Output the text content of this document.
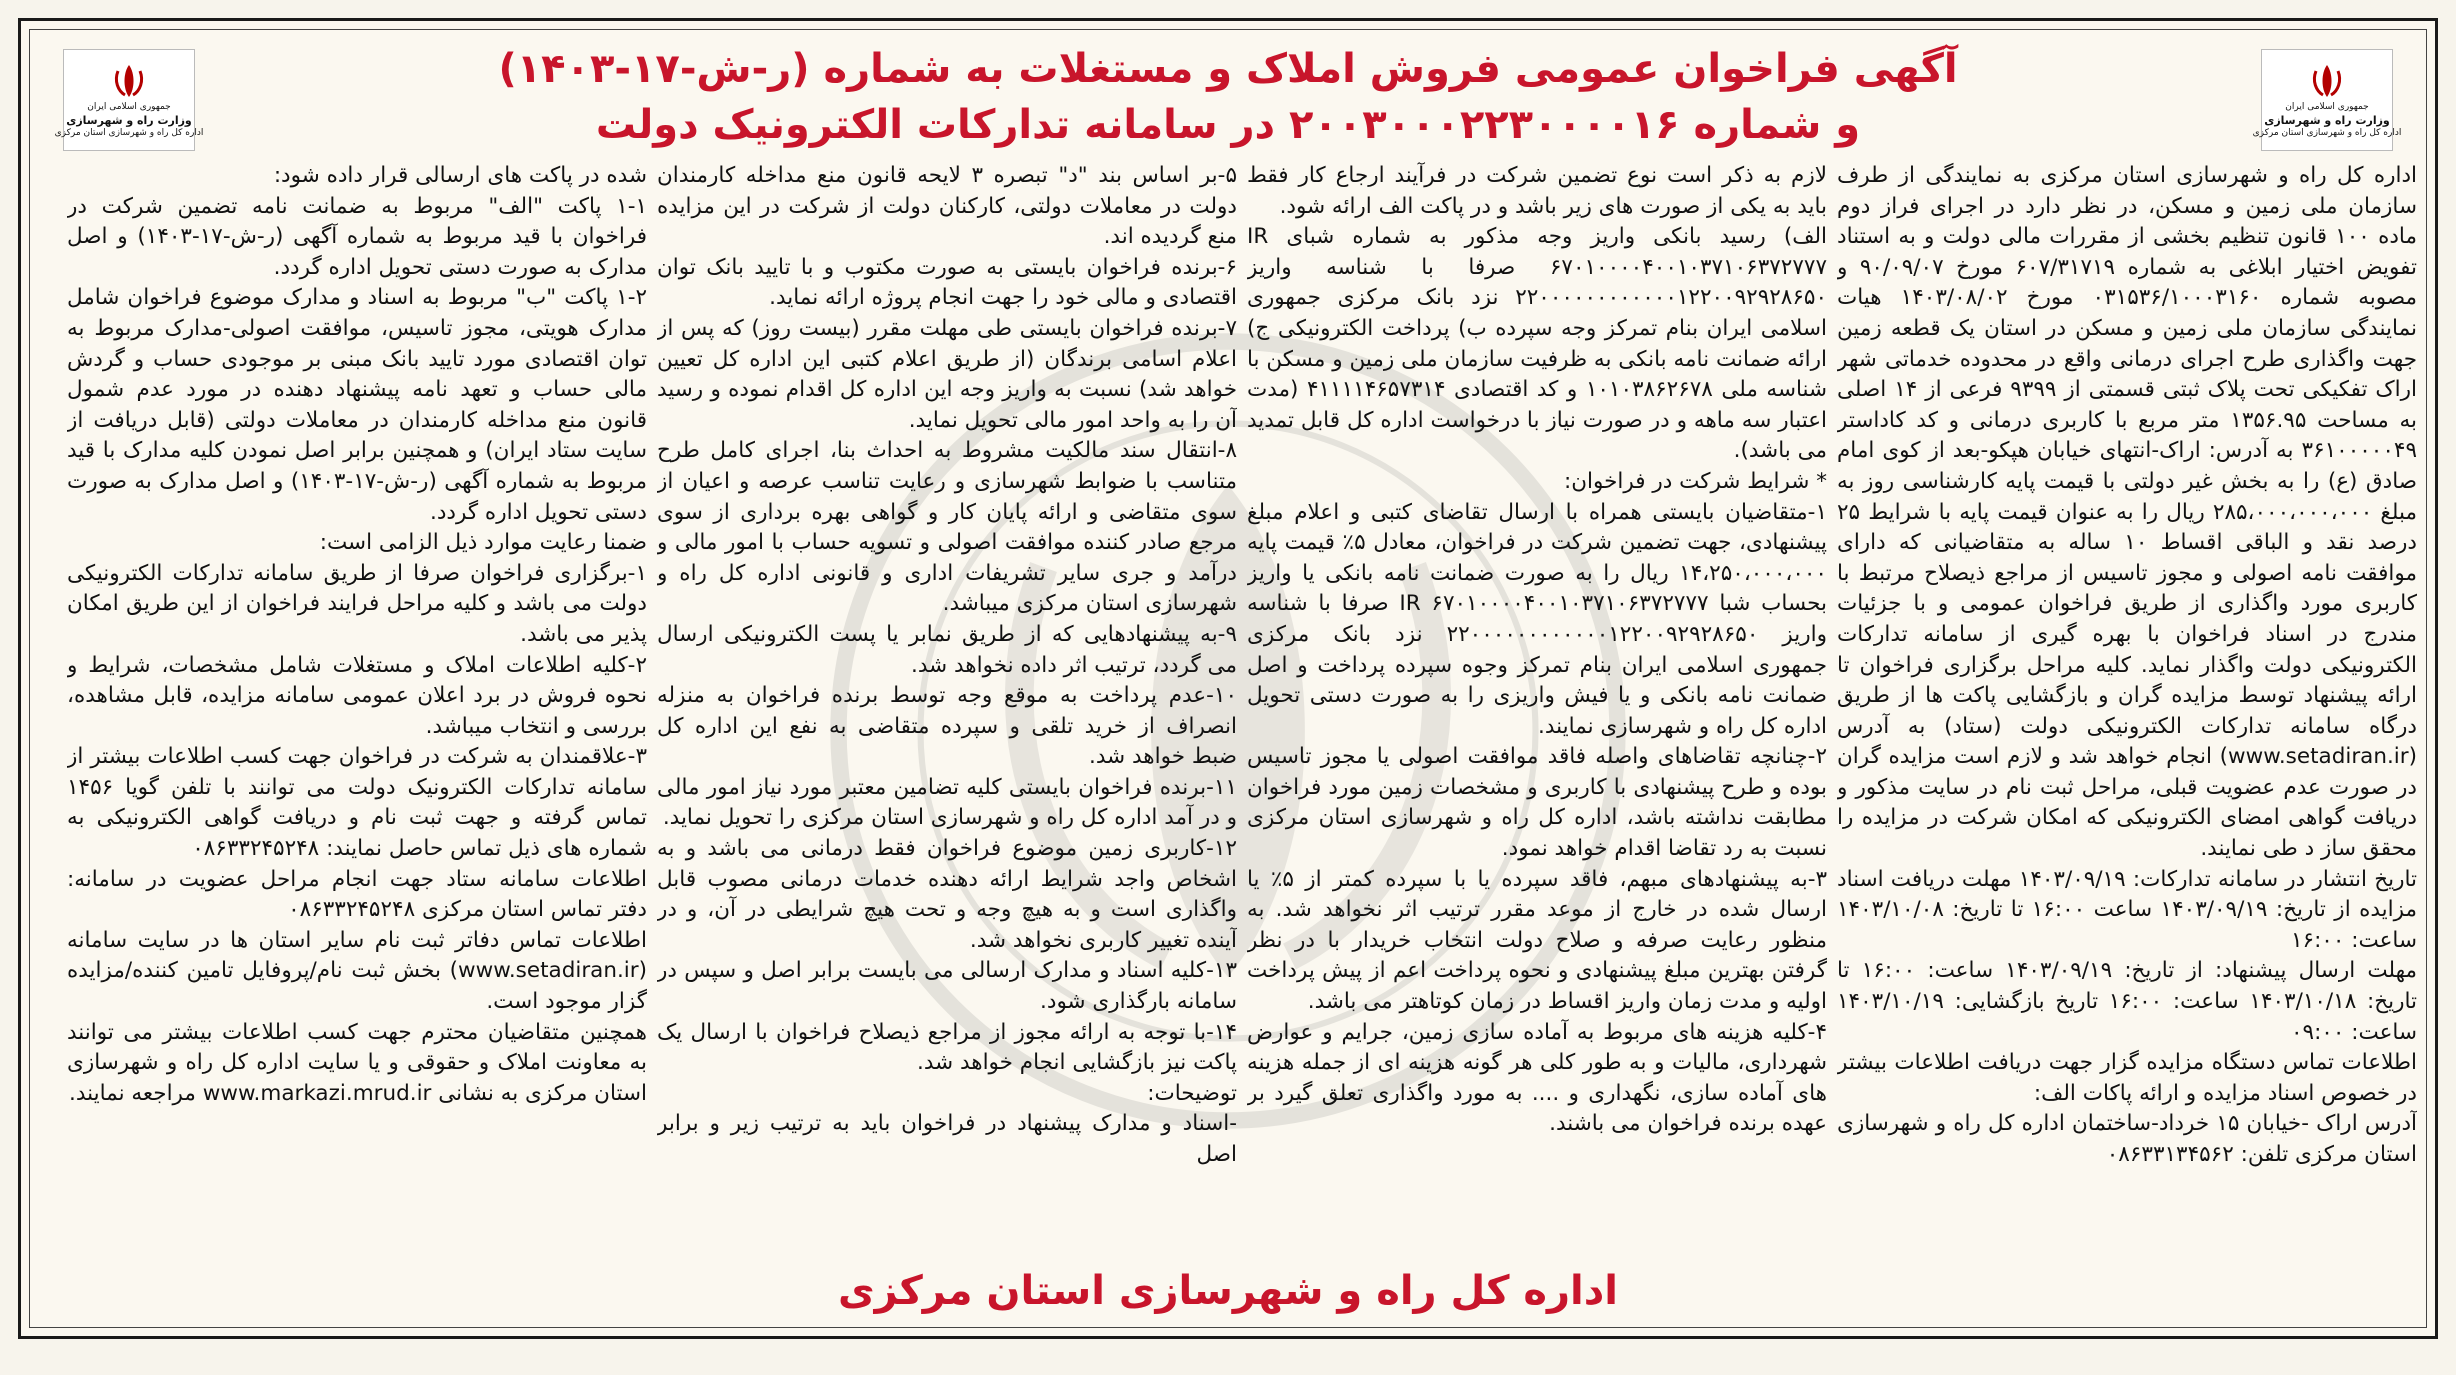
جمهوری اسلامی ایران
وزارت راه و شهرسازی
اداره کل راه و شهرسازی استان مرکزی
جمهوری اسلامی ایران
وزارت راه و شهرسازی
اداره کل راه و شهرسازی استان مرکزی
آگهی فراخوان عمومی فروش املاک و مستغلات به شماره (ر-ش-۱۷-۱۴۰۳)
و شماره ۲۰۰۳۰۰۰۲۲۳۰۰۰۰۱۶ در سامانه تدارکات الکترونیک دولت

اداره کل راه و شهرسازی استان مرکزی به نمایندگی از طرف سازمان ملی زمین و مسکن، در نظر دارد در اجرای فراز دوم ماده ۱۰۰ قانون تنظیم بخشی از مقررات مالی دولت و به استناد تفویض اختیار ابلاغی به شماره ۶۰۷/۳۱۷۱۹ مورخ ۹۰/۰۹/۰۷ و مصوبه شماره ۰۳۱۵۳۶/۱۰۰۰۳۱۶۰ مورخ ۱۴۰۳/۰۸/۰۲ هیات نمایندگی سازمان ملی زمین و مسکن در استان یک قطعه زمین جهت واگذاری طرح اجرای درمانی واقع در محدوده خدماتی شهر اراک تفکیکی تحت پلاک ثبتی قسمتی از ۹۳۹۹ فرعی از ۱۴ اصلی به مساحت ۱۳۵۶.۹۵ متر مربع با کاربری درمانی و کد کاداستر ۳۶۱۰۰۰۰۰۴۹ به آدرس: اراک-انتهای خیابان هپکو-بعد از کوی امام صادق (ع) را به بخش غیر دولتی با قیمت پایه کارشناسی روز به مبلغ ۲۸۵،۰۰۰،۰۰۰،۰۰۰ ریال را به عنوان قیمت پایه با شرایط ۲۵ درصد نقد و الباقی اقساط ۱۰ ساله به متقاضیانی که دارای موافقت نامه اصولی و مجوز تاسیس از مراجع ذیصلاح مرتبط با کاربری مورد واگذاری از طریق فراخوان عمومی و با جزئیات مندرج در اسناد فراخوان با بهره گیری از سامانه تدارکات الکترونیکی دولت واگذار نماید. کلیه مراحل برگزاری فراخوان تا ارائه پیشنهاد توسط مزایده گران و بازگشایی پاکت ها از طریق درگاه سامانه تدارکات الکترونیکی دولت (ستاد) به آدرس (www.setadiran.ir) انجام خواهد شد و لازم است مزایده گران در صورت عدم عضویت قبلی، مراحل ثبت نام در سایت مذکور و دریافت گواهی امضای الکترونیکی که امکان شرکت در مزایده را محقق ساز د طی نمایند.

تاریخ انتشار در سامانه تدارکات: ۱۴۰۳/۰۹/۱۹ مهلت دریافت اسناد مزایده از تاریخ: ۱۴۰۳/۰۹/۱۹ ساعت ۱۶:۰۰ تا تاریخ: ۱۴۰۳/۱۰/۰۸ ساعت: ۱۶:۰۰

مهلت ارسال پیشنهاد: از تاریخ: ۱۴۰۳/۰۹/۱۹ ساعت: ۱۶:۰۰ تا تاریخ: ۱۴۰۳/۱۰/۱۸ ساعت: ۱۶:۰۰ تاریخ بازگشایی: ۱۴۰۳/۱۰/۱۹ ساعت: ۰۹:۰۰

اطلاعات تماس دستگاه مزایده گزار جهت دریافت اطلاعات بیشتر در خصوص اسناد مزایده و ارائه پاکات الف:

آدرس اراک -خیابان ۱۵ خرداد-ساختمان اداره کل راه و شهرسازی استان مرکزی تلفن: ۰۸۶۳۳۱۳۴۵۶۲

لازم به ذکر است نوع تضمین شرکت در فرآیند ارجاع کار فقط باید به یکی از صورت های زیر باشد و در پاکت الف ارائه شود.

الف) رسید بانکی واریز وجه مذکور به شماره شبای IR ۶۷۰۱۰۰۰۰۴۰۰۱۰۳۷۱۰۶۳۷۲۷۷۷ صرفا با شناسه واریز ۲۲۰۰۰۰۰۰۰۰۰۰۰۰۱۲۲۰۰۹۲۹۲۸۶۵۰ نزد بانک مرکزی جمهوری اسلامی ایران بنام تمرکز وجه سپرده ب) پرداخت الکترونیکی ج) ارائه ضمانت نامه بانکی به ظرفیت سازمان ملی زمین و مسکن با شناسه ملی ۱۰۱۰۳۸۶۲۶۷۸ و کد اقتصادی ۴۱۱۱۱۴۶۵۷۳۱۴ (مدت اعتبار سه ماهه و در صورت نیاز با درخواست اداره کل قابل تمدید می باشد).

* شرایط شرکت در فراخوان:

۱-متقاضیان بایستی همراه با ارسال تقاضای کتبی و اعلام مبلغ پیشنهادی، جهت تضمین شرکت در فراخوان، معادل ۵٪ قیمت پایه ۱۴،۲۵۰،۰۰۰،۰۰۰ ریال را به صورت ضمانت نامه بانکی یا واریز بحساب شبا IR ۶۷۰۱۰۰۰۰۴۰۰۱۰۳۷۱۰۶۳۷۲۷۷۷ صرفا با شناسه واریز ۲۲۰۰۰۰۰۰۰۰۰۰۰۰۱۲۲۰۰۹۲۹۲۸۶۵۰ نزد بانک مرکزی جمهوری اسلامی ایران بنام تمرکز وجوه سپرده پرداخت و اصل ضمانت نامه بانکی و یا فیش واریزی را به صورت دستی تحویل اداره کل راه و شهرسازی نمایند.

۲-چنانچه تقاضاهای واصله فاقد موافقت اصولی یا مجوز تاسیس بوده و طرح پیشنهادی با کاربری و مشخصات زمین مورد فراخوان مطابقت نداشته باشد، اداره کل راه و شهرسازی استان مرکزی نسبت به رد تقاضا اقدام خواهد نمود.

۳-به پیشنهادهای مبهم، فاقد سپرده یا با سپرده کمتر از ۵٪ یا ارسال شده در خارج از موعد مقرر ترتیب اثر نخواهد شد. به منظور رعایت صرفه و صلاح دولت انتخاب خریدار با در نظر گرفتن بهترین مبلغ پیشنهادی و نحوه پرداخت اعم از پیش پرداخت اولیه و مدت زمان واریز اقساط در زمان کوتاهتر می باشد.

۴-کلیه هزینه های مربوط به آماده سازی زمین، جرایم و عوارض شهرداری، مالیات و به طور کلی هر گونه هزینه ای از جمله هزینه های آماده سازی، نگهداری و .... به مورد واگذاری تعلق گیرد بر عهده برنده فراخوان می باشند.

۵-بر اساس بند "د" تبصره ۳ لایحه قانون منع مداخله کارمندان دولت در معاملات دولتی، کارکنان دولت از شرکت در این مزایده منع گردیده اند.

۶-برنده فراخوان بایستی به صورت مکتوب و با تایید بانک توان اقتصادی و مالی خود را جهت انجام پروژه ارائه نماید.

۷-برنده فراخوان بایستی طی مهلت مقرر (بیست روز) که پس از اعلام اسامی برندگان (از طریق اعلام کتبی این اداره کل تعیین خواهد شد) نسبت به واریز وجه این اداره کل اقدام نموده و رسید آن را به واحد امور مالی تحویل نماید.

۸-انتقال سند مالکیت مشروط به احداث بنا، اجرای کامل طرح متناسب با ضوابط شهرسازی و رعایت تناسب عرصه و اعیان از سوی متقاضی و ارائه پایان کار و گواهی بهره برداری از سوی مرجع صادر کننده موافقت اصولی و تسویه حساب با امور مالی و درآمد و جری سایر تشریفات اداری و قانونی اداره کل راه و شهرسازی استان مرکزی میباشد.

۹-به پیشنهادهایی که از طریق نمابر یا پست الکترونیکی ارسال می گردد، ترتیب اثر داده نخواهد شد.

۱۰-عدم پرداخت به موقع وجه توسط برنده فراخوان به منزله انصراف از خرید تلقی و سپرده متقاضی به نفع این اداره کل ضبط خواهد شد.

۱۱-برنده فراخوان بایستی کلیه تضامین معتبر مورد نیاز امور مالی و در آمد اداره کل راه و شهرسازی استان مرکزی را تحویل نماید.

۱۲-کاربری زمین موضوع فراخوان فقط درمانی می باشد و به اشخاص واجد شرایط ارائه دهنده خدمات درمانی مصوب قابل واگذاری است و به هیچ وجه و تحت هیچ شرایطی در آن، و در آینده تغییر کاربری نخواهد شد.

۱۳-کلیه اسناد و مدارک ارسالی می بایست برابر اصل و سپس در سامانه بارگذاری شود.

۱۴-با توجه به ارائه مجوز از مراجع ذیصلاح فراخوان با ارسال یک پاکت نیز بازگشایی انجام خواهد شد.

توضیحات:

-اسناد و مدارک پیشنهاد در فراخوان باید به ترتیب زیر و برابر اصل

شده در پاکت های ارسالی قرار داده شود:

۱-۱ پاکت "الف" مربوط به ضمانت نامه تضمین شرکت در فراخوان با قید مربوط به شماره آگهی (ر-ش-۱۷-۱۴۰۳) و اصل مدارک به صورت دستی تحویل اداره گردد.

۱-۲ پاکت "ب" مربوط به اسناد و مدارک موضوع فراخوان شامل مدارک هویتی، مجوز تاسیس، موافقت اصولی-مدارک مربوط به توان اقتصادی مورد تایید بانک مبنی بر موجودی حساب و گردش مالی حساب و تعهد نامه پیشنهاد دهنده در مورد عدم شمول قانون منع مداخله کارمندان در معاملات دولتی (قابل دریافت از سایت ستاد ایران) و همچنین برابر اصل نمودن کلیه مدارک با قید مربوط به شماره آگهی (ر-ش-۱۷-۱۴۰۳) و اصل مدارک به صورت دستی تحویل اداره گردد.

ضمنا رعایت موارد ذیل الزامی است:

۱-برگزاری فراخوان صرفا از طریق سامانه تدارکات الکترونیکی دولت می باشد و کلیه مراحل فرایند فراخوان از این طریق امکان پذیر می باشد.

۲-کلیه اطلاعات املاک و مستغلات شامل مشخصات، شرایط و نحوه فروش در برد اعلان عمومی سامانه مزایده، قابل مشاهده، بررسی و انتخاب میباشد.

۳-علاقمندان به شرکت در فراخوان جهت کسب اطلاعات بیشتر از سامانه تدارکات الکترونیک دولت می توانند با تلفن گویا ۱۴۵۶ تماس گرفته و جهت ثبت نام و دریافت گواهی الکترونیکی به شماره های ذیل تماس حاصل نمایند: ۰۸۶۳۳۲۴۵۲۴۸

اطلاعات سامانه ستاد جهت انجام مراحل عضویت در سامانه: دفتر تماس استان مرکزی ۰۸۶۳۳۲۴۵۲۴۸

اطلاعات تماس دفاتر ثبت نام سایر استان ها در سایت سامانه (www.setadiran.ir) بخش ثبت نام/پروفایل تامین کننده/مزایده گزار موجود است.

همچنین متقاضیان محترم جهت کسب اطلاعات بیشتر می توانند به معاونت املاک و حقوقی و یا سایت اداره کل راه و شهرسازی استان مرکزی به نشانی www.markazi.mrud.ir مراجعه نمایند.

اداره کل راه و شهرسازی استان مرکزی
